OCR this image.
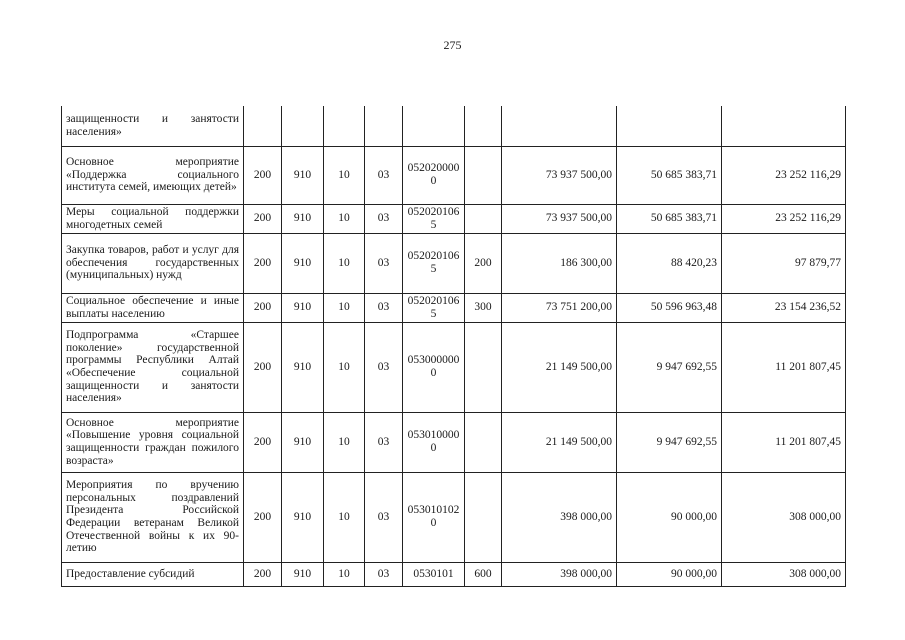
275
защищенности и занятости населения»									
Основное мероприятие «Поддержка социального института семей, имеющих детей»	200	910	10	03	0520200000		73 937 500,00	50 685 383,71	23 252 116,29
Меры социальной поддержки многодетных семей	200	910	10	03	0520201065		73 937 500,00	50 685 383,71	23 252 116,29
Закупка товаров, работ и услуг для обеспечения государственных (муниципальных) нужд	200	910	10	03	0520201065	200	186 300,00	88 420,23	97 879,77
Социальное обеспечение и иные выплаты населению	200	910	10	03	0520201065	300	73 751 200,00	50 596 963,48	23 154 236,52
Подпрограмма «Старшее поколение» государственной программы Республики Алтай «Обеспечение социальной защищенности и занятости населения»	200	910	10	03	0530000000		21 149 500,00	9 947 692,55	11 201 807,45
Основное мероприятие «Повышение уровня социальной защищенности граждан пожилого возраста»	200	910	10	03	0530100000		21 149 500,00	9 947 692,55	11 201 807,45
Мероприятия по вручению персональных поздравлений Президента Российской Федерации ветеранам Великой Отечественной войны к их 90-летию	200	910	10	03	0530101020		398 000,00	90 000,00	308 000,00
Предоставление субсидий	200	910	10	03	0530101	600	398 000,00	90 000,00	308 000,00
